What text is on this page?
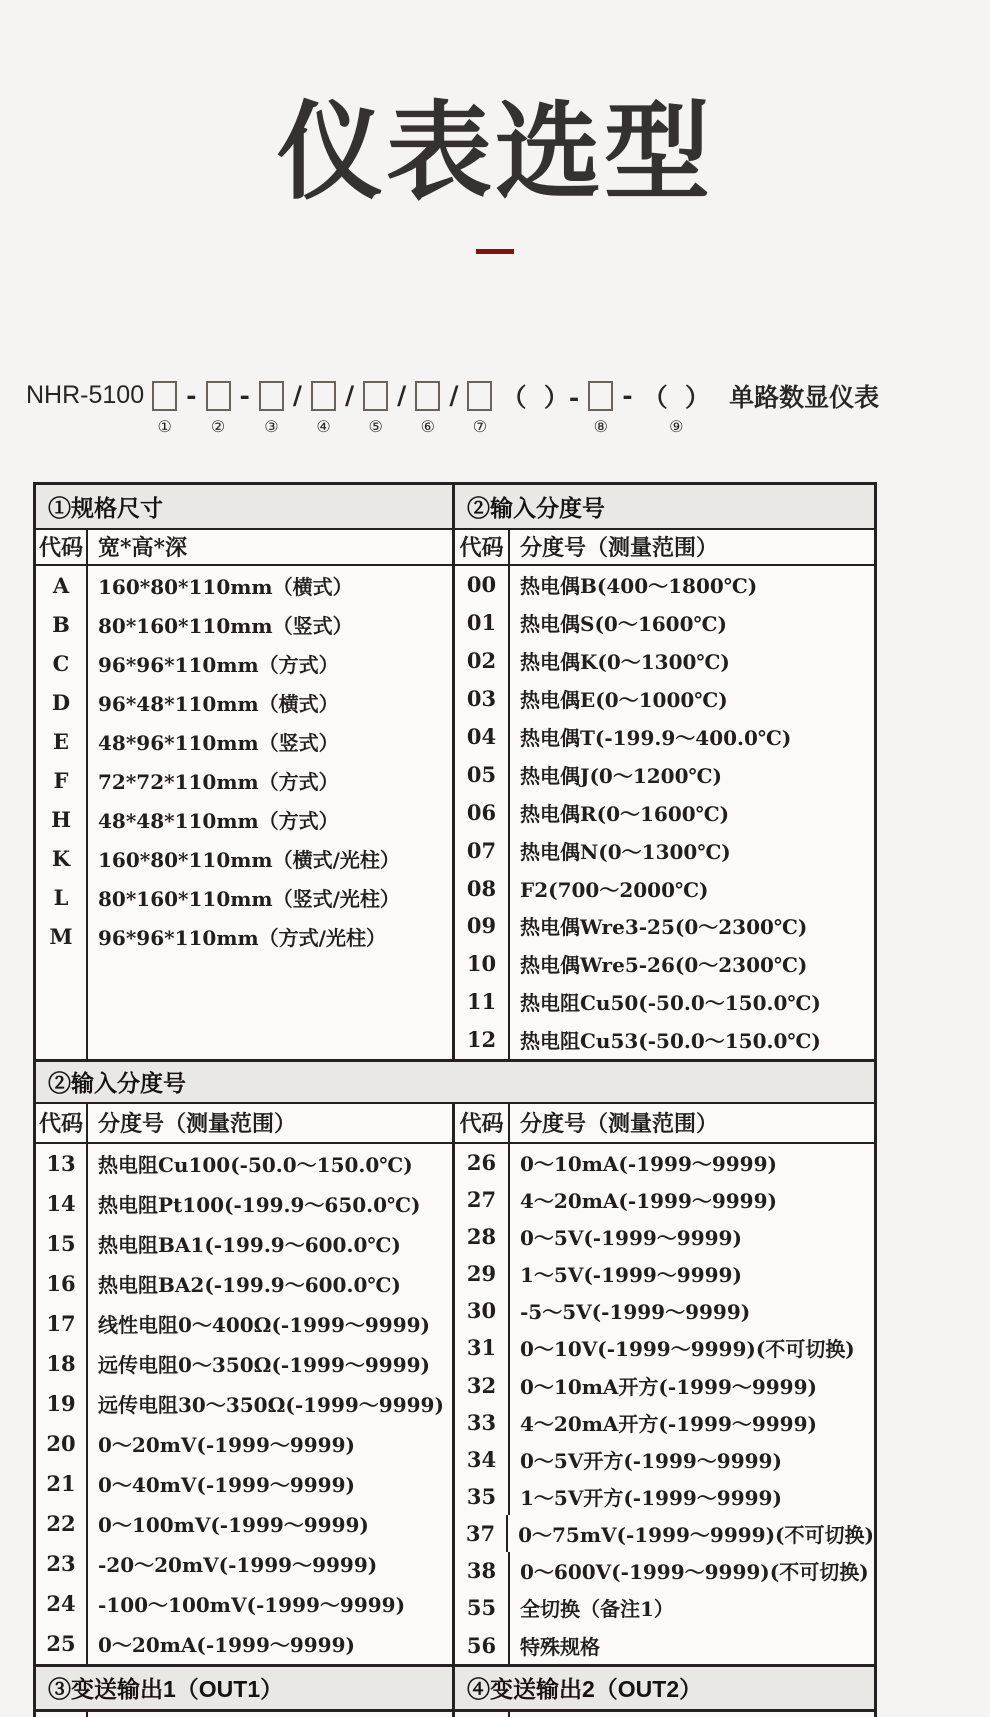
仪表选型
NHR-5100
①
-
②
-
③
/
④
/
⑤
/
⑥
/
⑦
（  ）-
⑧
- （  ）
⑨
单路数显仪表
①规格尺寸
代码 宽*高*深
A	160*80*110mm（横式）
B	80*160*110mm（竖式）
C	96*96*110mm（方式）
D	96*48*110mm（横式）
E	48*96*110mm（竖式）
F	72*72*110mm（方式）
H	48*48*110mm（方式）
K	160*80*110mm（横式/光柱）
L	80*160*110mm（竖式/光柱）
M	96*96*110mm（方式/光柱）
②输入分度号
代码 分度号（测量范围）
00	热电偶B(400～1800℃)
01	热电偶S(0～1600℃)
02	热电偶K(0～1300℃)
03	热电偶E(0～1000℃)
04	热电偶T(-199.9～400.0℃)
05	热电偶J(0～1200℃)
06	热电偶R(0～1600℃)
07	热电偶N(0～1300℃)
08	F2(700～2000℃)
09	热电偶Wre3-25(0～2300℃)
10	热电偶Wre5-26(0～2300℃)
11	热电阻Cu50(-50.0～150.0℃)
12	热电阻Cu53(-50.0～150.0℃)
②输入分度号
代码 分度号（测量范围）
13	热电阻Cu100(-50.0～150.0℃)
14	热电阻Pt100(-199.9～650.0℃)
15	热电阻BA1(-199.9～600.0℃)
16	热电阻BA2(-199.9～600.0℃)
17	线性电阻0～400Ω(-1999～9999)
18	远传电阻0～350Ω(-1999～9999)
19	远传电阻30～350Ω(-1999～9999)
20	0～20mV(-1999～9999)
21	0～40mV(-1999～9999)
22	0～100mV(-1999～9999)
23	-20～20mV(-1999～9999)
24	-100～100mV(-1999～9999)
25	0～20mA(-1999～9999)
代码 分度号（测量范围）
26	0～10mA(-1999～9999)
27	4～20mA(-1999～9999)
28	0～5V(-1999～9999)
29	1～5V(-1999～9999)
30	-5～5V(-1999～9999)
31	0～10V(-1999～9999)(不可切换)
32	0～10mA开方(-1999～9999)
33	4～20mA开方(-1999～9999)
34	0～5V开方(-1999～9999)
35	1～5V开方(-1999～9999)
37	0～75mV(-1999～9999)(不可切换)
38	0～600V(-1999～9999)(不可切换)
55	全切换（备注1）
56	特殊规格
③变送输出1（OUT1）	④变送输出2（OUT2）
